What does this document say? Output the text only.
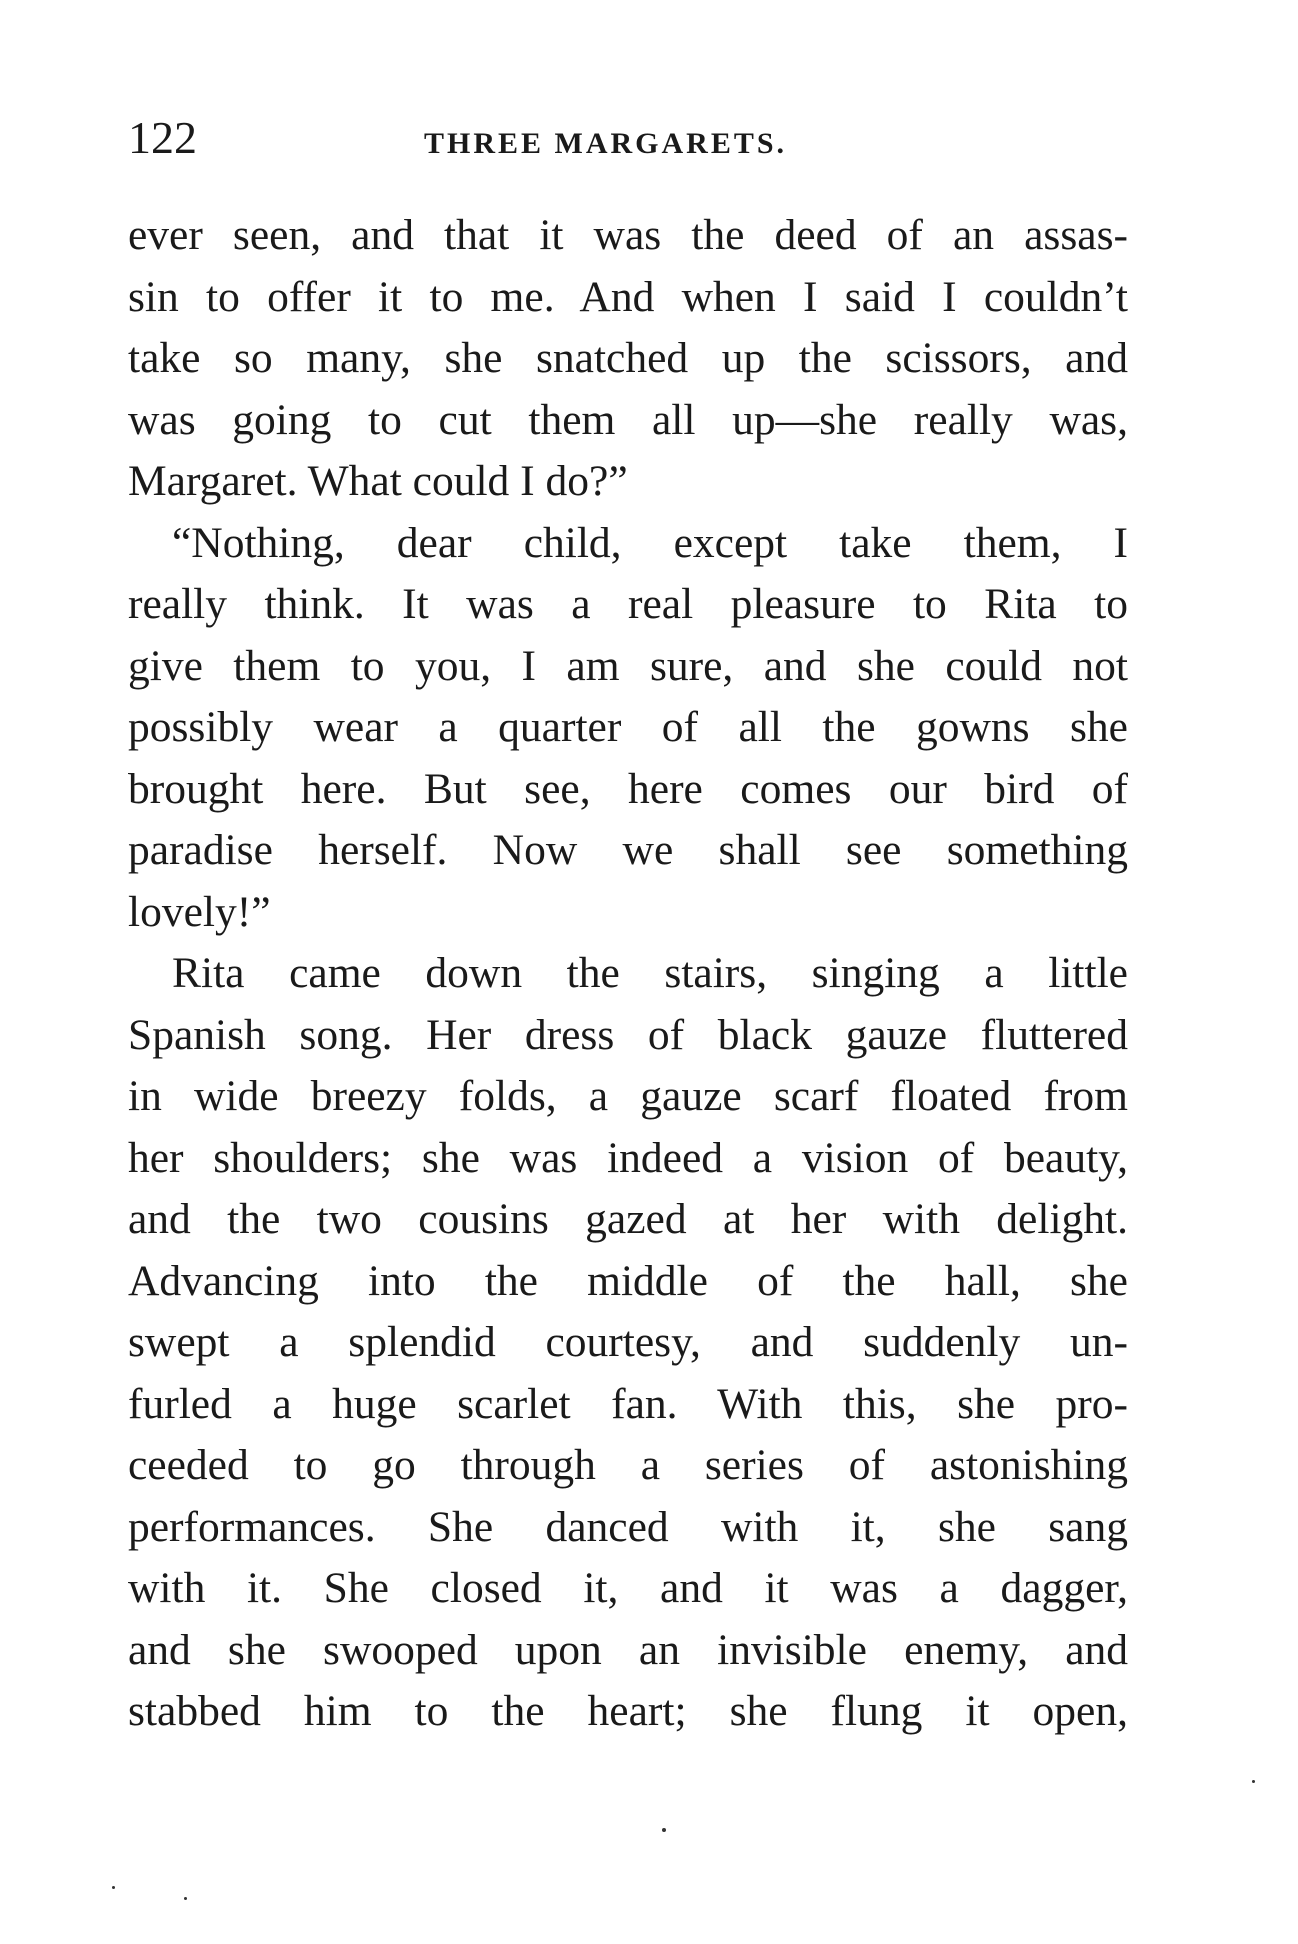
122	THREE MARGARETS.
ever seen, and that it was the deed of an assas-
sin to offer it to me. And when I said I couldn’t
take so many, she snatched up the scissors, and
was going to cut them all up—she really was,
Margaret. What could I do?”
“Nothing, dear child, except take them, I
really think. It was a real pleasure to Rita to
give them to you, I am sure, and she could not
possibly wear a quarter of all the gowns she
brought here. But see, here comes our bird of
paradise herself. Now we shall see something
lovely!”
Rita came down the stairs, singing a little
Spanish song. Her dress of black gauze fluttered
in wide breezy folds, a gauze scarf floated from
her shoulders; she was indeed a vision of beauty,
and the two cousins gazed at her with delight.
Advancing into the middle of the hall, she
swept a splendid courtesy, and suddenly un-
furled a huge scarlet fan. With this, she pro-
ceeded to go through a series of astonishing
performances. She danced with it, she sang
with it. She closed it, and it was a dagger,
and she swooped upon an invisible enemy, and
stabbed him to the heart; she flung it open,
